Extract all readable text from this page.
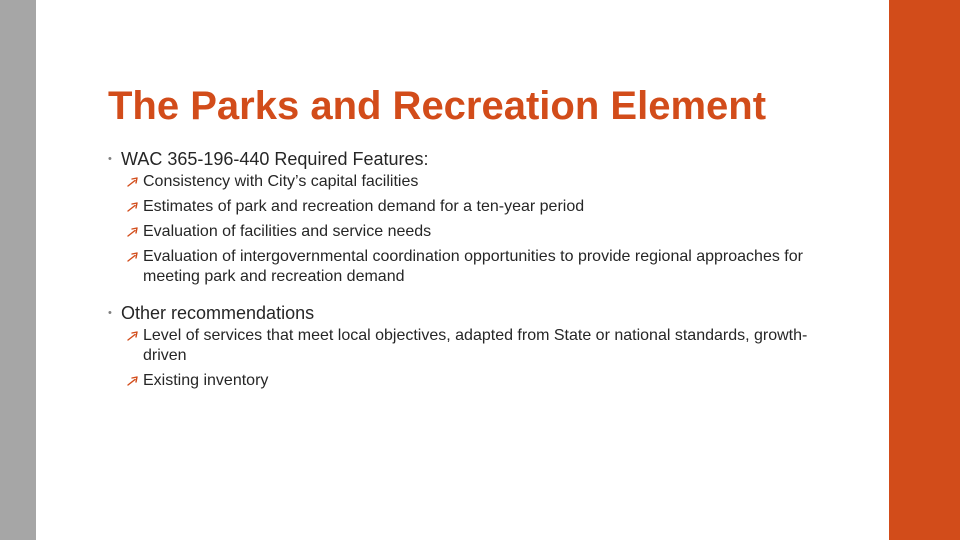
The Parks and Recreation Element
• WAC 365-196-440 Required Features:
Consistency with City’s capital facilities
Estimates of park and recreation demand for a ten-year period
Evaluation of facilities and service needs
Evaluation of intergovernmental coordination opportunities to provide regional approaches for meeting park and recreation demand
• Other recommendations
Level of services that meet local objectives, adapted from State or national standards, growth-driven
Existing inventory
